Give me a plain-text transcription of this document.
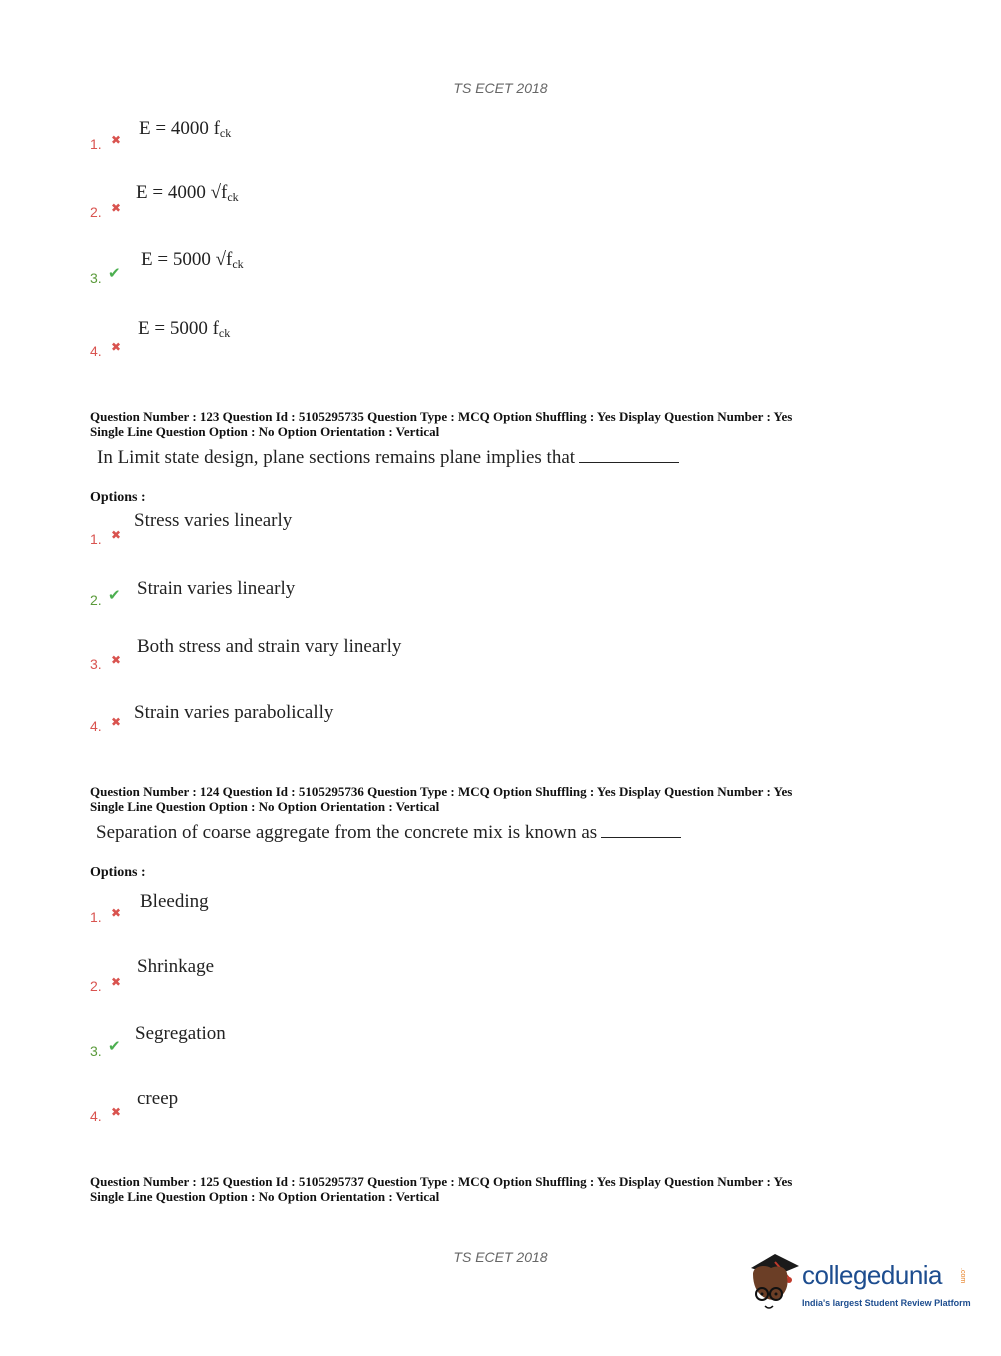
TS ECET 2018
1. ✖
E = 4000 $f_{ck}$
2. ✖
E = 4000 $√f_{ck}$
3. ✔
E = 5000 $√f_{ck}$
4. ✖
E = 5000 $f_{ck}$
Question Number : 123 Question Id : 5105295735 Question Type : MCQ Option Shuffling : Yes Display Question Number : Yes
Single Line Question Option : No Option Orientation : Vertical
In Limit state design, plane sections remains plane implies that
Options :
1. ✖
Stress varies linearly
2. ✔ Strain varies linearly
3. ✖
Both stress and strain vary linearly
4. ✖ Strain varies parabolically
Question Number : 124 Question Id : 5105295736 Question Type : MCQ Option Shuffling : Yes Display Question Number : Yes
Single Line Question Option : No Option Orientation : Vertical
Separation of coarse aggregate from the concrete mix is known as
Options :
1. ✖
Bleeding
2. ✖
Shrinkage
3. ✔
Segregation
4. ✖
creep
Question Number : 125 Question Id : 5105295737 Question Type : MCQ Option Shuffling : Yes Display Question Number : Yes
Single Line Question Option : No Option Orientation : Vertical
TS ECET 2018
collegedunia .com
India's largest Student Review Platform
